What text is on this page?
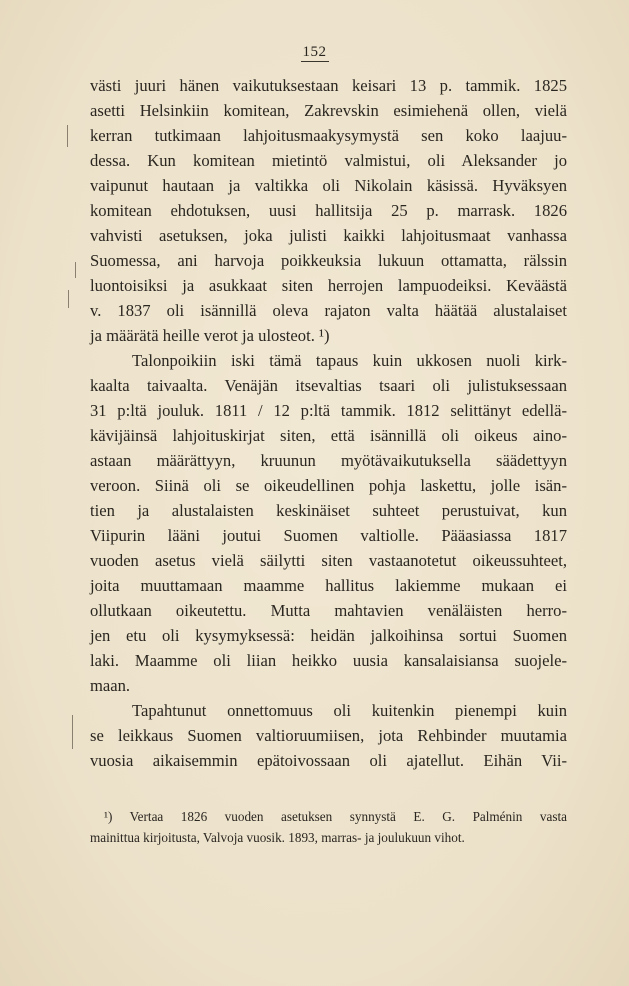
152
västi juuri hänen vaikutuksestaan keisari 13 p. tammik. 1825
asetti Helsinkiin komitean, Zakrevskin esimiehenä ollen, vielä
kerran tutkimaan lahjoitusmaakysymystä sen koko laajuu-
dessa. Kun komitean mietintö valmistui, oli Aleksander jo
vaipunut hautaan ja valtikka oli Nikolain käsissä. Hyväksyen
komitean ehdotuksen, uusi hallitsija 25 p. marrask. 1826
vahvisti asetuksen, joka julisti kaikki lahjoitusmaat vanhassa
Suomessa, ani harvoja poikkeuksia lukuun ottamatta, rälssin
luontoisiksi ja asukkaat siten herrojen lampuodeiksi. Keväästä
v. 1837 oli isännillä oleva rajaton valta häätää alustalaiset
ja määrätä heille verot ja ulosteot. ¹)
Talonpoikiin iski tämä tapaus kuin ukkosen nuoli kirk-
kaalta taivaalta. Venäjän itsevaltias tsaari oli julistuksessaan
31 p:ltä jouluk. 1811 / 12 p:ltä tammik. 1812 selittänyt edellä-
kävijäinsä lahjoituskirjat siten, että isännillä oli oikeus aino-
astaan määrättyyn, kruunun myötävaikutuksella säädettyyn
veroon. Siinä oli se oikeudellinen pohja laskettu, jolle isän-
tien ja alustalaisten keskinäiset suhteet perustuivat, kun
Viipurin lääni joutui Suomen valtiolle. Pääasiassa 1817
vuoden asetus vielä säilytti siten vastaanotetut oikeussuhteet,
joita muuttamaan maamme hallitus lakiemme mukaan ei
ollutkaan oikeutettu. Mutta mahtavien venäläisten herro-
jen etu oli kysymyksessä: heidän jalkoihinsa sortui Suomen
laki. Maamme oli liian heikko uusia kansalaisiansa suojele-
maan.
Tapahtunut onnettomuus oli kuitenkin pienempi kuin
se leikkaus Suomen valtioruumiisen, jota Rehbinder muutamia
vuosia aikaisemmin epätoivossaan oli ajatellut. Eihän Vii-
¹) Vertaa 1826 vuoden asetuksen synnystä E. G. Palménin vasta
mainittua kirjoitusta, Valvoja vuosik. 1893, marras- ja joulukuun vihot.
